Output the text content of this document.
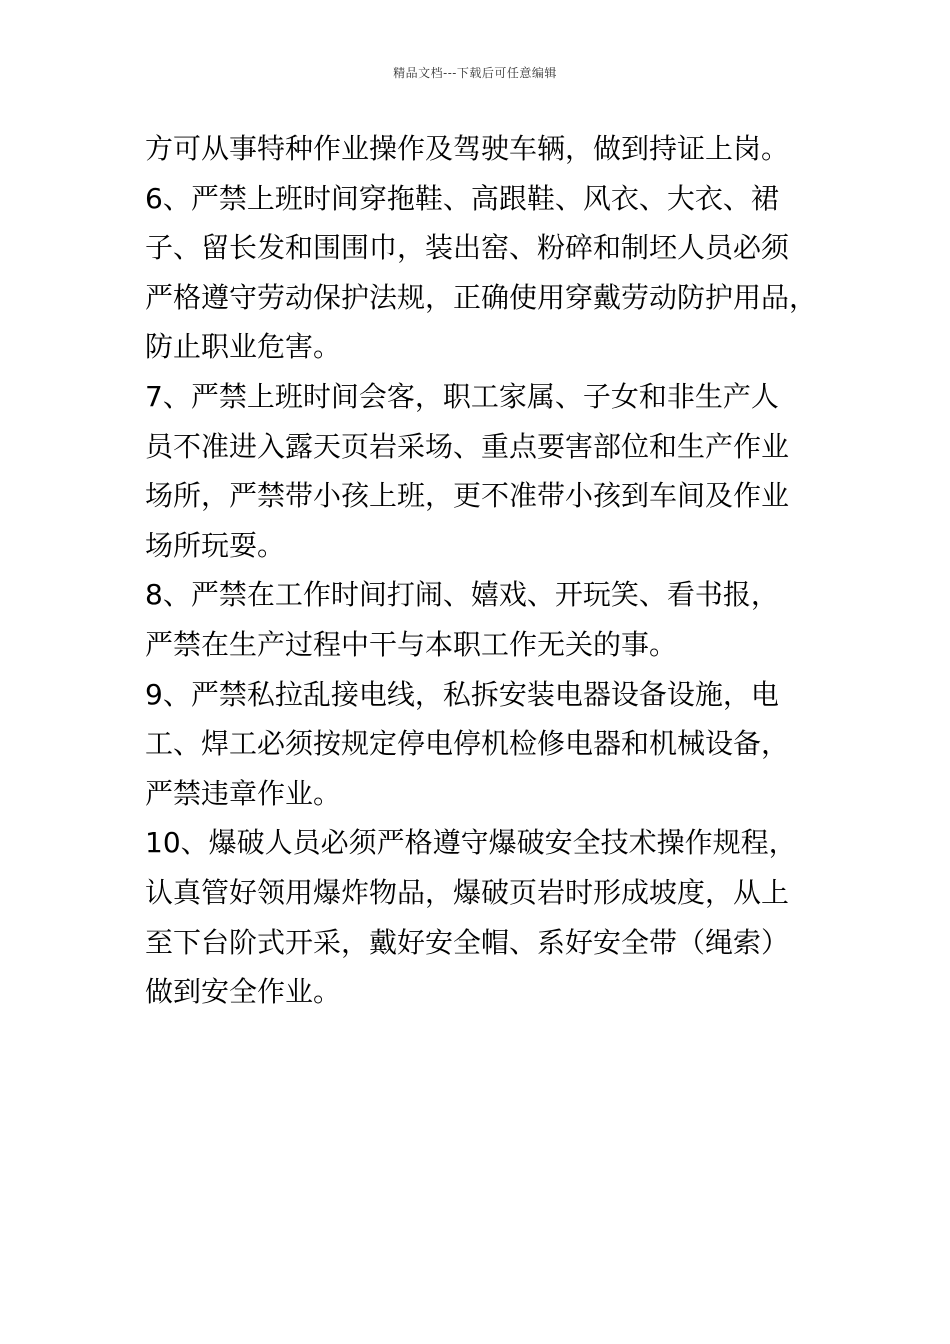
精品文档---下载后可任意编辑
方可从事特种作业操作及驾驶车辆，做到持证上岗。
6、严禁上班时间穿拖鞋、高跟鞋、风衣、大衣、裙
子、留长发和围围巾，装出窑、粉碎和制坯人员必须
严格遵守劳动保护法规，正确使用穿戴劳动防护用品，
防止职业危害。
7、严禁上班时间会客，职工家属、子女和非生产人
员不准进入露天页岩采场、重点要害部位和生产作业
场所，严禁带小孩上班，更不准带小孩到车间及作业
场所玩耍。
8、严禁在工作时间打闹、嬉戏、开玩笑、看书报，
严禁在生产过程中干与本职工作无关的事。
9、严禁私拉乱接电线，私拆安装电器设备设施，电
工、焊工必须按规定停电停机检修电器和机械设备，
严禁违章作业。
10、爆破人员必须严格遵守爆破安全技术操作规程，
认真管好领用爆炸物品，爆破页岩时形成坡度，从上
至下台阶式开采，戴好安全帽、系好安全带（绳索）
做到安全作业。
